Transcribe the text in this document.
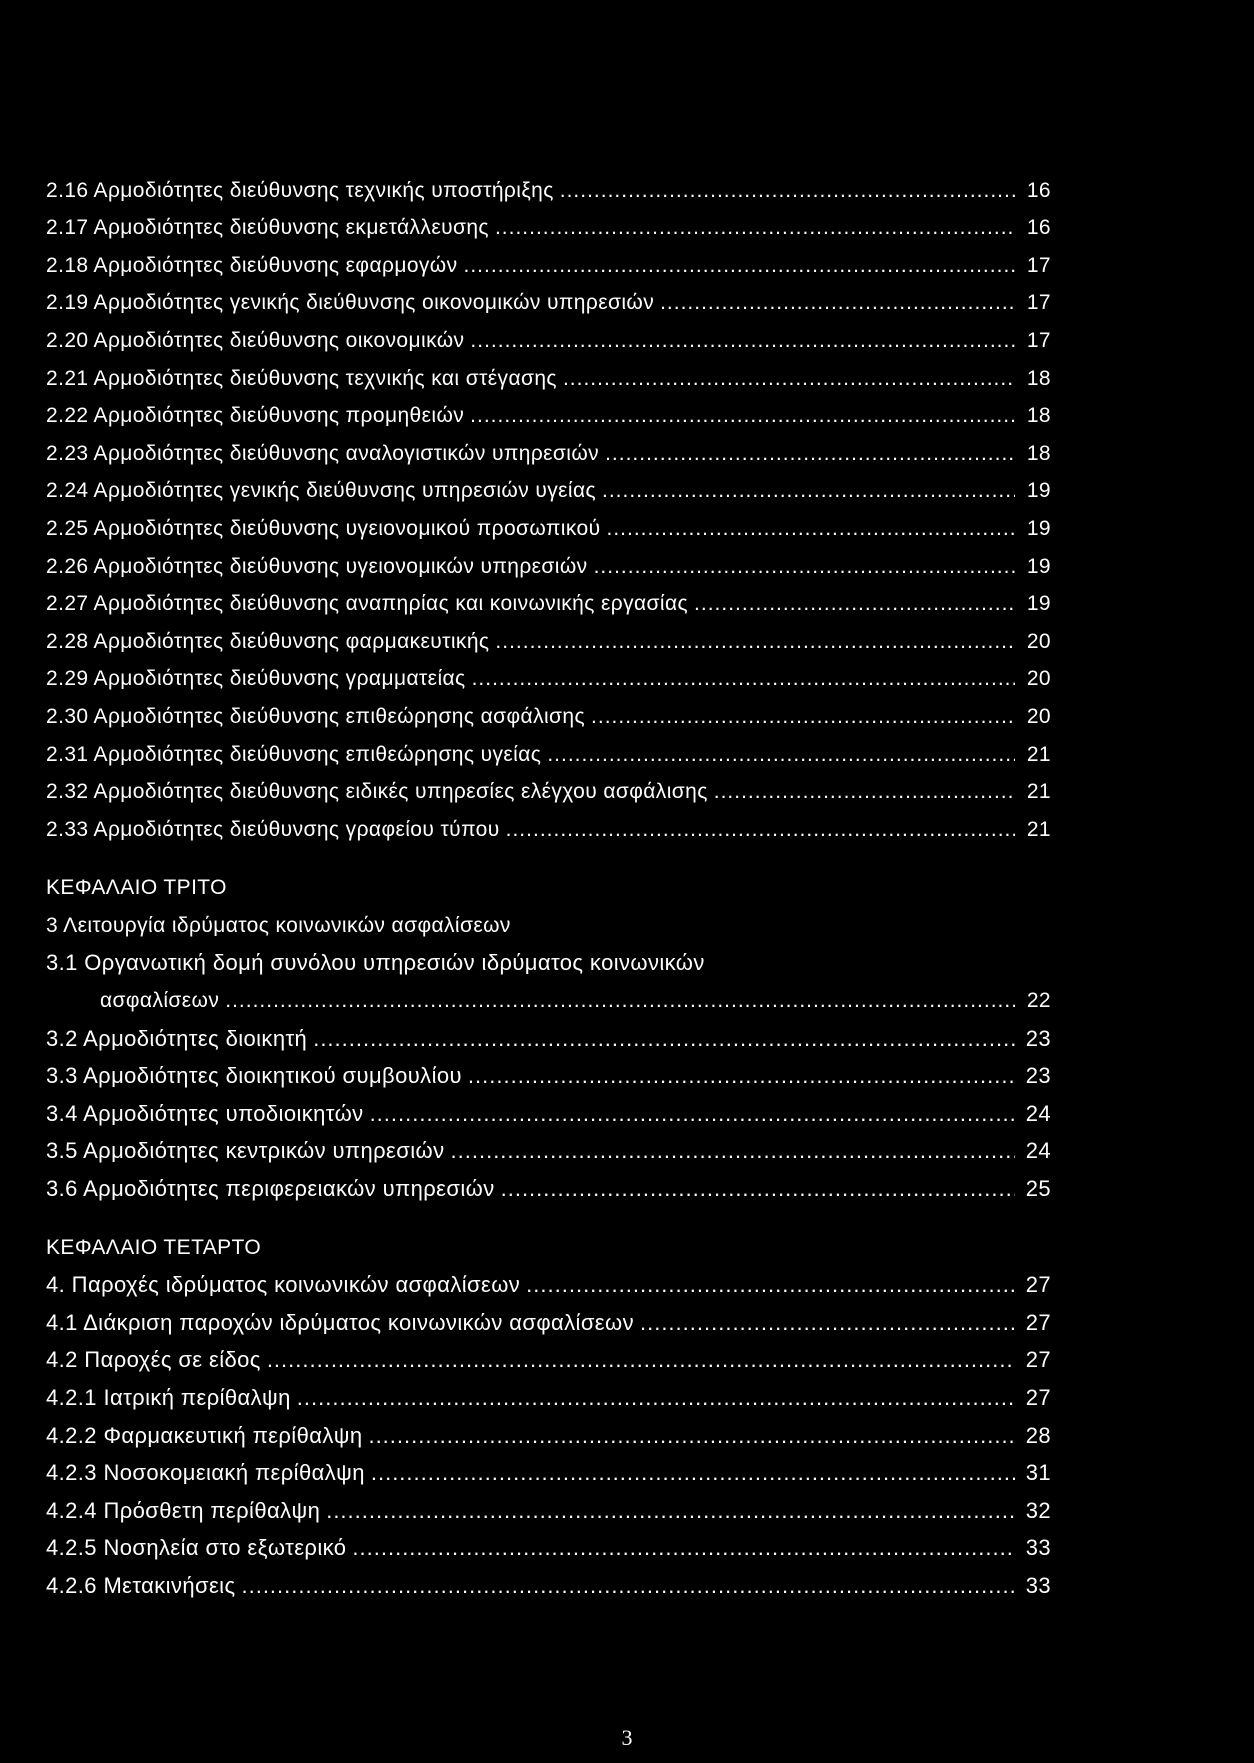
2.16 Αρμοδιότητες διεύθυνσης τεχνικής υποστήριξης .....	16
2.17 Αρμοδιότητες διεύθυνσης εκμετάλλευσης .....	16
2.18 Αρμοδιότητες διεύθυνσης εφαρμογών .....	17
2.19 Αρμοδιότητες γενικής διεύθυνσης οικονομικών υπηρεσιών .....	17
2.20 Αρμοδιότητες διεύθυνσης οικονομικών .....	17
2.21 Αρμοδιότητες διεύθυνσης τεχνικής και στέγασης .....	18
2.22 Αρμοδιότητες διεύθυνσης προμηθειών .....	18
2.23 Αρμοδιότητες διεύθυνσης αναλογιστικών υπηρεσιών .....	18
2.24 Αρμοδιότητες γενικής διεύθυνσης υπηρεσιών υγείας .....	19
2.25 Αρμοδιότητες διεύθυνσης υγειονομικού προσωπικού .....	19
2.26 Αρμοδιότητες διεύθυνσης υγειονομικών υπηρεσιών .....	19
2.27 Αρμοδιότητες διεύθυνσης αναπηρίας και κοινωνικής εργασίας .....	19
2.28 Αρμοδιότητες διεύθυνσης φαρμακευτικής .....	20
2.29 Αρμοδιότητες διεύθυνσης γραμματείας .....	20
2.30 Αρμοδιότητες διεύθυνσης επιθεώρησης ασφάλισης .....	20
2.31 Αρμοδιότητες διεύθυνσης επιθεώρησης υγείας .....	21
2.32 Αρμοδιότητες διεύθυνσης ειδικές υπηρεσίες ελέγχου ασφάλισης .....	21
2.33 Αρμοδιότητες διεύθυνσης γραφείου τύπου .....	21
ΚΕΦΑΛΑΙΟ ΤΡΙΤΟ
3 Λειτουργία ιδρύματος κοινωνικών ασφαλίσεων
3.1 Οργανωτική δομή συνόλου υπηρεσιών ιδρύματος κοινωνικών
ασφαλίσεων .....	22
3.2 Αρμοδιότητες διοικητή .....	23
3.3 Αρμοδιότητες διοικητικού συμβουλίου .....	23
3.4 Αρμοδιότητες υποδιοικητών .....	24
3.5 Αρμοδιότητες κεντρικών υπηρεσιών .....	24
3.6 Αρμοδιότητες περιφερειακών υπηρεσιών .....	25
ΚΕΦΑΛΑΙΟ ΤΕΤΑΡΤΟ
4. Παροχές ιδρύματος κοινωνικών ασφαλίσεων .....	27
4.1 Διάκριση παροχών ιδρύματος κοινωνικών ασφαλίσεων .....	27
4.2 Παροχές σε είδος .....	27
4.2.1 Ιατρική περίθαλψη .....	27
4.2.2 Φαρμακευτική περίθαλψη .....	28
4.2.3 Νοσοκομειακή περίθαλψη .....	31
4.2.4 Πρόσθετη περίθαλψη .....	32
4.2.5 Νοσηλεία στο εξωτερικό .....	33
4.2.6 Μετακινήσεις .....	33
3
